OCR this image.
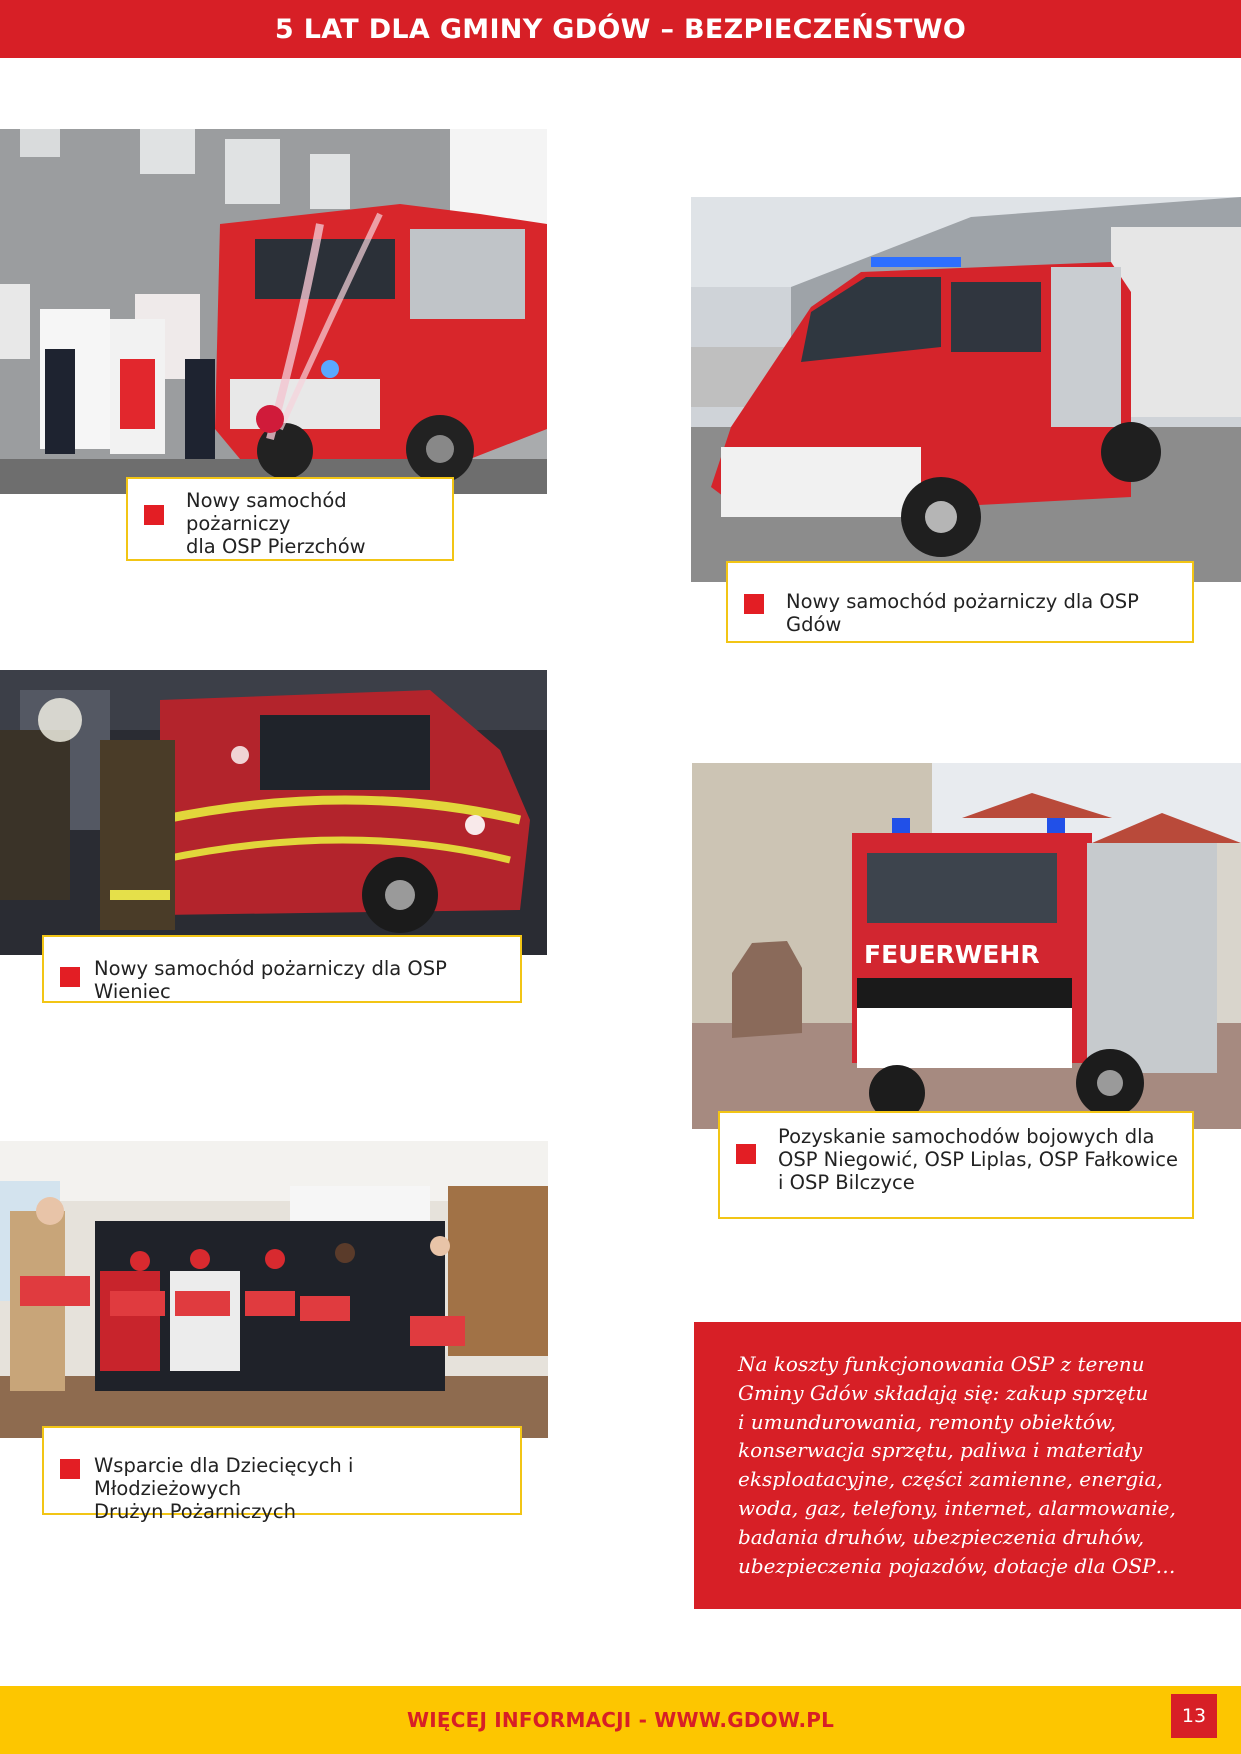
5 LAT DLA GMINY GDÓW – BEZPIECZEŃSTWO
Nowy samochód pożarniczy
dla OSP Pierzchów
Nowy samochód pożarniczy dla OSP Gdów
Nowy samochód pożarniczy dla OSP Wieniec
FEUERWEHR
Pozyskanie samochodów bojowych dla
OSP Niegowić, OSP Liplas, OSP Fałkowice
i OSP Bilczyce
Wsparcie dla Dziecięcych i Młodzieżowych
Drużyn Pożarniczych
Na koszty funkcjonowania OSP z terenu
Gminy Gdów składają się: zakup sprzętu
i umundurowania, remonty obiektów,
konserwacja sprzętu, paliwa i materiały
eksploatacyjne, części zamienne, energia,
woda, gaz, telefony, internet, alarmowanie,
badania druhów, ubezpieczenia druhów,
ubezpieczenia pojazdów, dotacje dla OSP…
WIĘCEJ INFORMACJI - WWW.GDOW.PL	13
